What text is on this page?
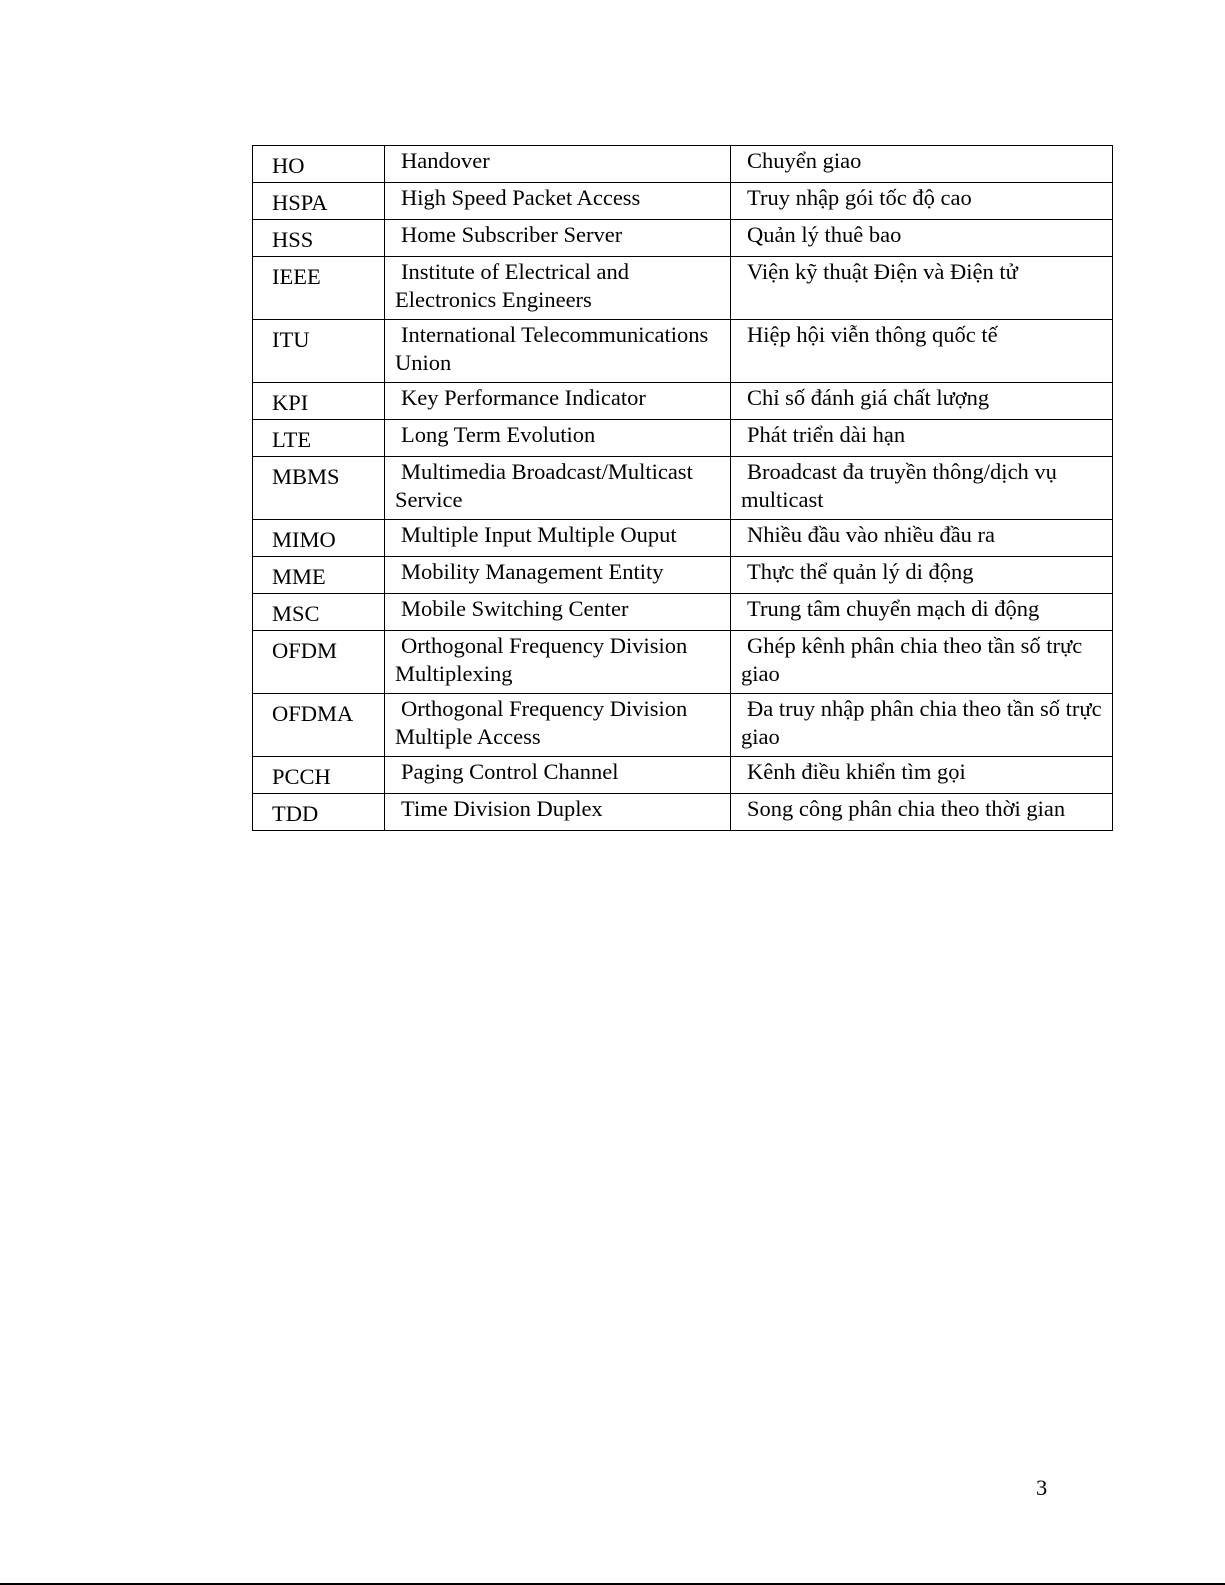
HO	Handover	Chuyển giao
HSPA	High Speed Packet Access	Truy nhập gói tốc độ cao
HSS	Home Subscriber Server	Quản lý thuê bao
IEEE	Institute of Electrical and Electronics Engineers	Viện kỹ thuật Điện và Điện tử
ITU	International Telecommunications Union	Hiệp hội viễn thông quốc tế
KPI	Key Performance Indicator	Chỉ số đánh giá chất lượng
LTE	Long Term Evolution	Phát triển dài hạn
MBMS	Multimedia Broadcast/Multicast Service	Broadcast đa truyền thông/dịch vụ multicast
MIMO	Multiple Input Multiple Ouput	Nhiều đầu vào nhiều đầu ra
MME	Mobility Management Entity	Thực thể quản lý di động
MSC	Mobile Switching Center	Trung tâm chuyển mạch di động
OFDM	Orthogonal Frequency Division Multiplexing	Ghép kênh phân chia theo tần số trực giao
OFDMA	Orthogonal Frequency Division Multiple Access	Đa truy nhập phân chia theo tần số trực giao
PCCH	Paging Control Channel	Kênh điều khiển tìm gọi
TDD	Time Division Duplex	Song công phân chia theo thời gian
3
